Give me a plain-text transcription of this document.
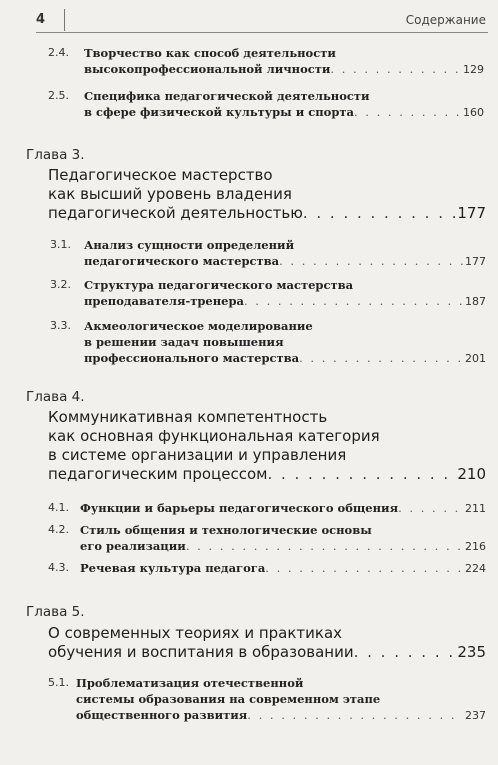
4	Содержание
2.4. Творчество как способ деятельности
высокопрофессиональной личности . . .	129
2.5. Специфика педагогической деятельности
в сфере физической культуры и спорта . . .	160
Глава 3.
Педагогическое мастерство
как высший уровень владения
педагогической деятельностью . . .	177
3.1. Анализ сущности определений
педагогического мастерства . . .	177
3.2. Структура педагогического мастерства
преподавателя-тренера . . .	187
3.3. Акмеологическое моделирование
в решении задач повышения
профессионального мастерства . . .	201
Глава 4.
Коммуникативная компетентность
как основная функциональная категория
в системе организации и управления
педагогическим процессом . . .	210
4.1. Функции и барьеры педагогического общения . . .	211
4.2. Стиль общения и технологические основы
его реализации . . .	216
4.3. Речевая культура педагога . . .	224
Глава 5.
О современных теориях и практиках
обучения и воспитания в образовании . . .	235
5.1. Проблематизация отечественной
системы образования на современном этапе
общественного развития . . .	237
